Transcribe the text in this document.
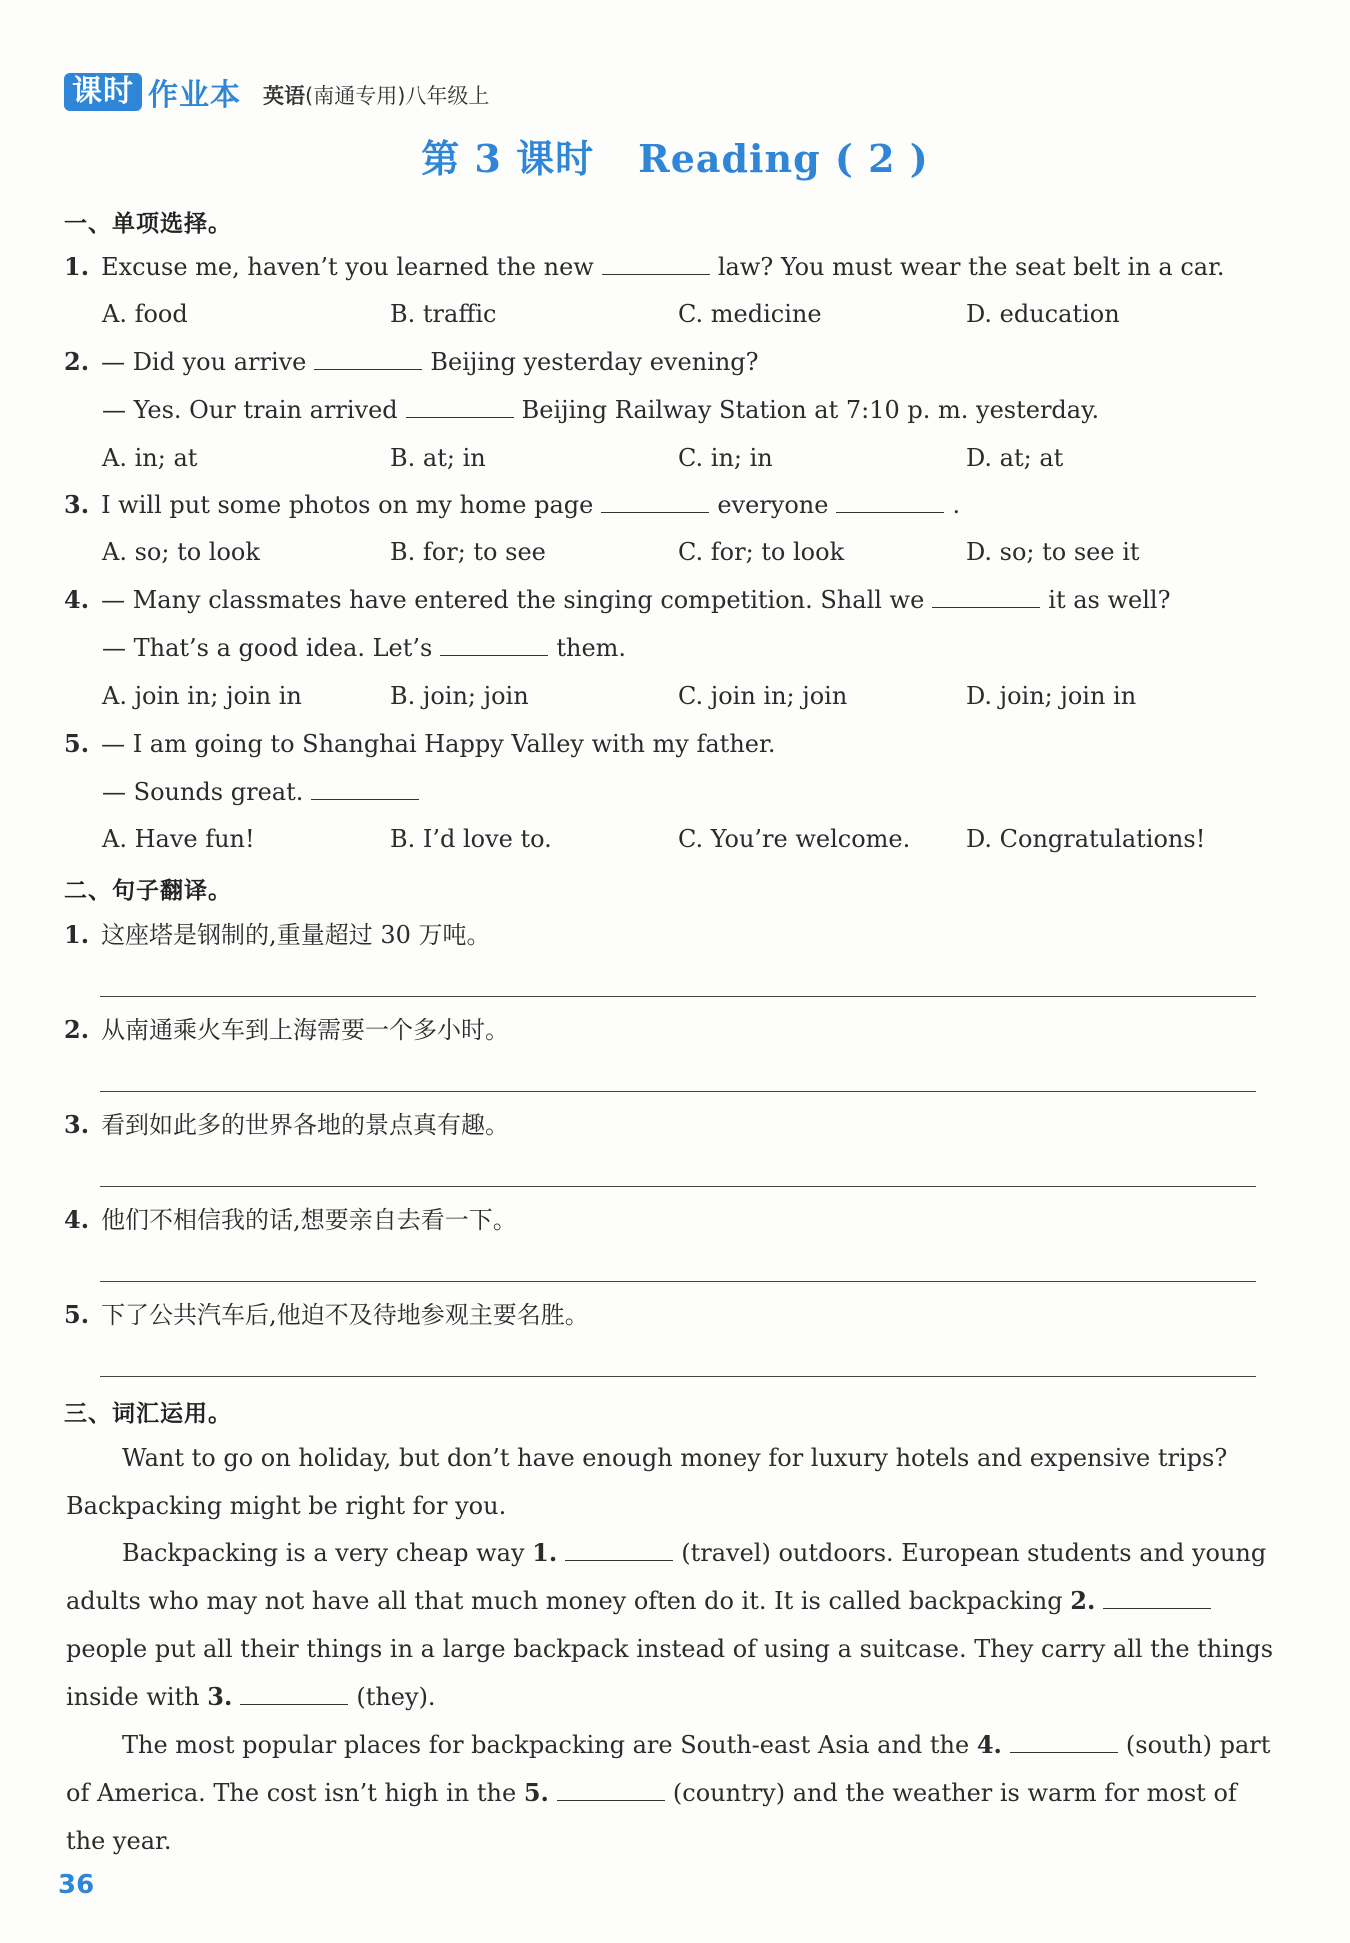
课时 作业本 英语(南通专用)八年级上
第 3 课时 Reading ( 2 )
一、单项选择。
1. Excuse me, haven’t you learned the new	law? You must wear the seat belt in a car.
A. food	B. traffic	C. medicine	D. education
2. — Did you arrive	Beijing yesterday evening?
— Yes. Our train arrived	Beijing Railway Station at 7:10 p. m. yesterday.
A. in; at	B. at; in	C. in; in	D. at; at
3. I will put some photos on my home page	everyone	.
A. so; to look	B. for; to see	C. for; to look	D. so; to see it
4. — Many classmates have entered the singing competition. Shall we	it as well?
— That’s a good idea. Let’s	them.
A. join in; join in	B. join; join	C. join in; join	D. join; join in
5. — I am going to Shanghai Happy Valley with my father.
— Sounds great.
A. Have fun!	B. I’d love to.	C. You’re welcome. D. Congratulations!
二、句子翻译。
1. 这座塔是钢制的,重量超过 30 万吨。
2. 从南通乘火车到上海需要一个多小时。
3. 看到如此多的世界各地的景点真有趣。
4. 他们不相信我的话,想要亲自去看一下。
5. 下了公共汽车后,他迫不及待地参观主要名胜。
三、词汇运用。
Want to go on holiday, but don’t have enough money for luxury hotels and expensive trips?
Backpacking might be right for you.
Backpacking is a very cheap way 1.	(travel) outdoors. European students and young
adults who may not have all that much money often do it. It is called backpacking 2.
people put all their things in a large backpack instead of using a suitcase. They carry all the things
inside with 3.	(they).
The most popular places for backpacking are South-east Asia and the 4.	(south) part
of America. The cost isn’t high in the 5.	(country) and the weather is warm for most of
the year.
36
